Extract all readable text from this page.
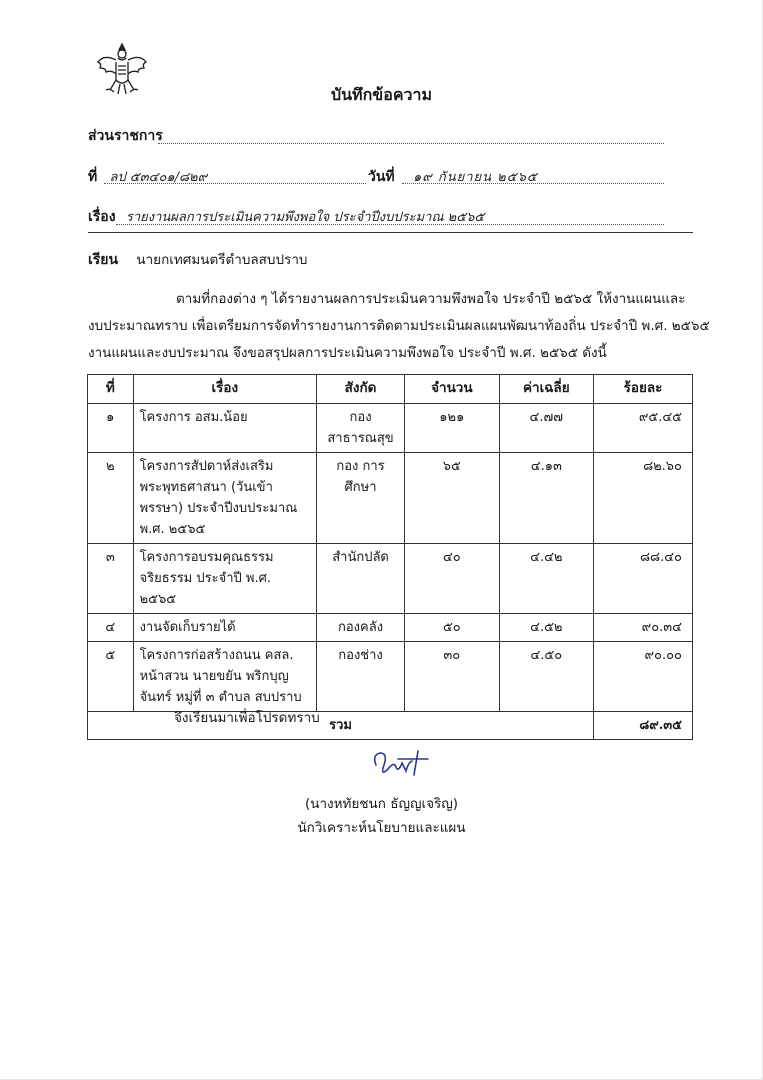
บันทึกข้อความ
ส่วนราชการ
ที่ ลป ๕๓๔๐๑/๘๒๙	วันที่ ๑๙ กันยายน ๒๕๖๕
เรื่อง รายงานผลการประเมินความพึงพอใจ ประจำปีงบประมาณ ๒๕๖๕
เรียน นายกเทศมนตรีตำบลสบปราบ
ตามที่กองต่าง ๆ ได้รายงานผลการประเมินความพึงพอใจ ประจำปี ๒๕๖๕ ให้งานแผนและ
งบประมาณทราบ เพื่อเตรียมการจัดทำรายงานการติดตามประเมินผลแผนพัฒนาท้องถิ่น ประจำปี พ.ศ. ๒๕๖๕
งานแผนและงบประมาณ จึงขอสรุปผลการประเมินความพึงพอใจ ประจำปี พ.ศ. ๒๕๖๕ ดังนี้
ที่	เรื่อง	สังกัด	จำนวน	ค่าเฉลี่ย	ร้อยละ
๑	โครงการ อสม.น้อย	กอง สาธารณสุข	๑๒๑	๔.๗๗	๙๕.๔๕
๒	โครงการสัปดาห์ส่งเสริมพระพุทธศาสนา (วันเข้าพรรษา) ประจำปีงบประมาณ พ.ศ. ๒๕๖๕	กอง การศึกษา	๖๕	๔.๑๓	๘๒.๖๐
๓	โครงการอบรมคุณธรรม จริยธรรม ประจำปี พ.ศ. ๒๕๖๕	สำนักปลัด	๔๐	๔.๔๒	๘๘.๔๐
๔	งานจัดเก็บรายได้	กองคลัง	๕๐	๔.๕๒	๙๐.๓๔
๕	โครงการก่อสร้างถนน คสล. หน้าสวน นายขยัน พริกบุญจันทร์ หมู่ที่ ๓ ตำบล สบปราบ	กองช่าง	๓๐	๔.๕๐	๙๐.๐๐
รวม					๘๙.๓๕
จึงเรียนมาเพื่อโปรดทราบ
(นางหทัยชนก ธัญญเจริญ)
นักวิเคราะห์นโยบายและแผน
